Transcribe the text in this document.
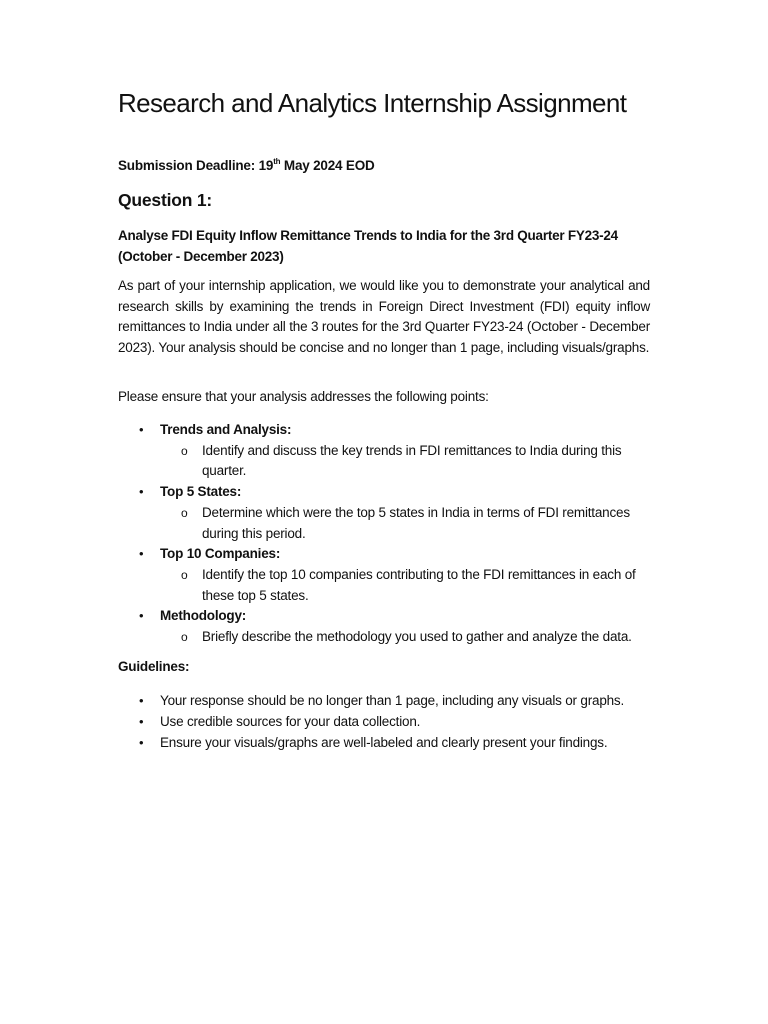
Research and Analytics Internship Assignment

Submission Deadline: 19th May 2024 EOD

Question 1:

Analyse FDI Equity Inflow Remittance Trends to India for the 3rd Quarter FY23-24 (October - December 2023)

As part of your internship application, we would like you to demonstrate your analytical and research skills by examining the trends in Foreign Direct Investment (FDI) equity inflow remittances to India under all the 3 routes for the 3rd Quarter FY23-24 (October - December 2023). Your analysis should be concise and no longer than 1 page, including visuals/graphs.

Please ensure that your analysis addresses the following points:

• Trends and Analysis:
o Identify and discuss the key trends in FDI remittances to India during this quarter.
• Top 5 States:
o Determine which were the top 5 states in India in terms of FDI remittances during this period.
• Top 10 Companies:
o Identify the top 10 companies contributing to the FDI remittances in each of these top 5 states.
• Methodology:
o Briefly describe the methodology you used to gather and analyze the data.

Guidelines:

• Your response should be no longer than 1 page, including any visuals or graphs.
• Use credible sources for your data collection.
• Ensure your visuals/graphs are well-labeled and clearly present your findings.
